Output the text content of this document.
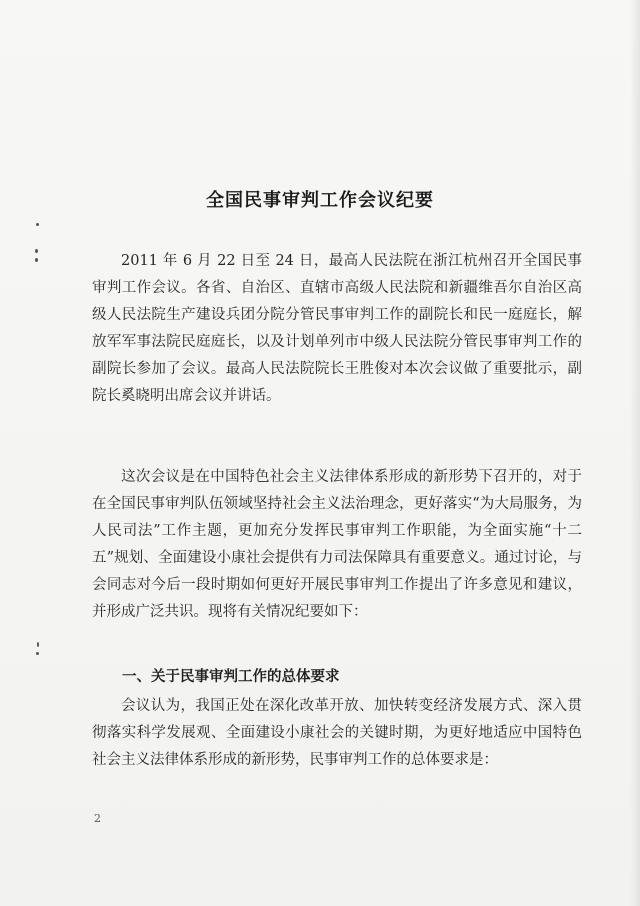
全国民事审判工作会议纪要

2011 年 6 月 22 日至 24 日，最高人民法院在浙江杭州召开全国民事审判工作会议。各省、自治区、直辖市高级人民法院和新疆维吾尔自治区高级人民法院生产建设兵团分院分管民事审判工作的副院长和民一庭庭长，解放军军事法院民庭庭长，以及计划单列市中级人民法院分管民事审判工作的副院长参加了会议。最高人民法院院长王胜俊对本次会议做了重要批示，副院长奚晓明出席会议并讲话。

这次会议是在中国特色社会主义法律体系形成的新形势下召开的，对于在全国民事审判队伍领域坚持社会主义法治理念，更好落实“为大局服务，为人民司法”工作主题，更加充分发挥民事审判工作职能，为全面实施“十二五”规划、全面建设小康社会提供有力司法保障具有重要意义。通过讨论，与会同志对今后一段时期如何更好开展民事审判工作提出了许多意见和建议，并形成广泛共识。现将有关情况纪要如下：

一、关于民事审判工作的总体要求

会议认为，我国正处在深化改革开放、加快转变经济发展方式、深入贯彻落实科学发展观、全面建设小康社会的关键时期，为更好地适应中国特色社会主义法律体系形成的新形势，民事审判工作的总体要求是：

2
